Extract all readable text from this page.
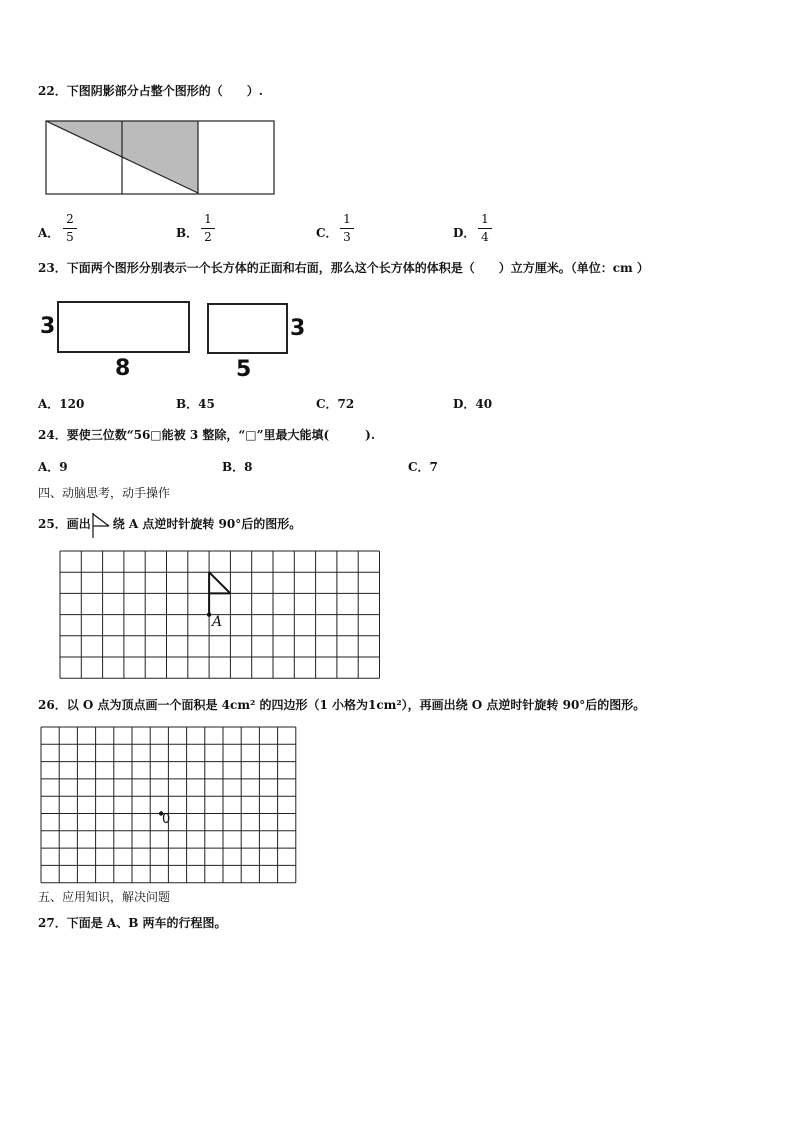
22．下图阴影部分占整个图形的（　　）.
A．
2
5	B．
1
2	C．
1
3	D．
1
4
23．下面两个图形分别表示一个长方体的正面和右面，那么这个长方体的体积是（　　）立方厘米。（单位：cm ）
3
8
3
5
A．120	B．45	C．72	D．40
24．要使三位数“56□能被 3 整除，“□”里最大能填(　　　).
A．9	B．8	C．7
四、动脑思考，动手操作
25．画出 绕 A 点逆时针旋转 90°后的图形。
A
26．以 O 点为顶点画一个面积是 4cm² 的四边形（1 小格为1cm²），再画出绕 O 点逆时针旋转 90°后的图形。
0
五、应用知识，解决问题
27．下面是 A、B 两车的行程图。
